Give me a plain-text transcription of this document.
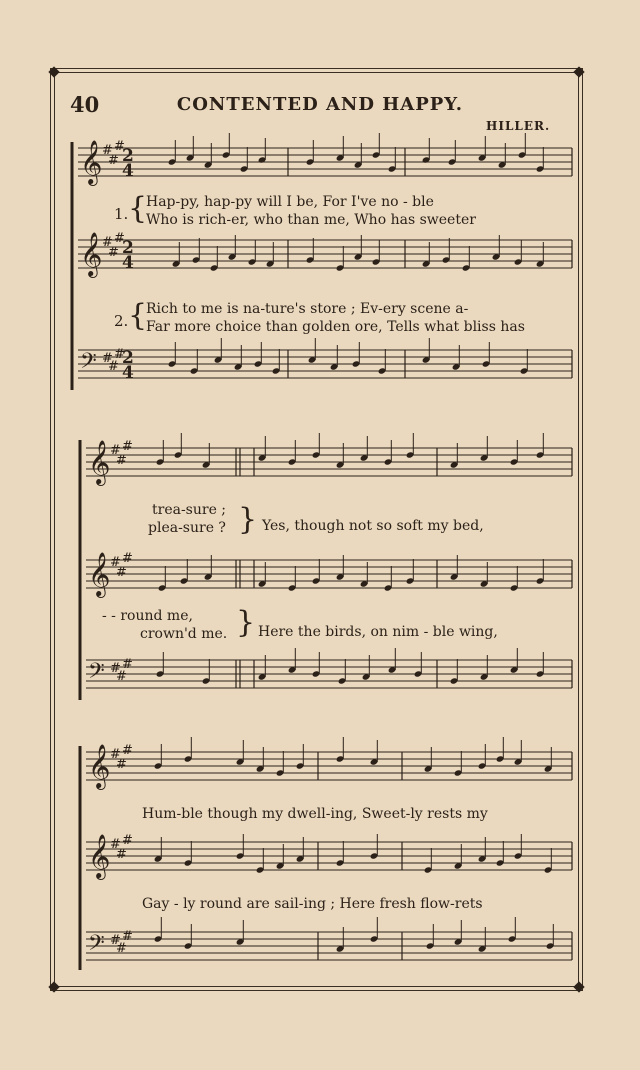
40	CONTENTED AND HAPPY.
HILLER.
𝄞 #
#
#
2
4
𝄞 #
#
#
2
4
𝄢 #
#
#
2
4
𝄞 #
#
#
𝄞 #
#
#
𝄢 #
#
#
𝄞 #
#
#
𝄞 #
#
#
𝄢 #
#
#
1. {
Hap-py, hap-py will I be, For I've no - ble
Who is rich-er, who than me, Who has sweeter
2. {
Rich to me is na-ture's store ; Ev-ery scene a-
Far more choice than golden ore, Tells what bliss has
trea-sure ;
plea-sure ? } Yes, though not so soft my bed,
- - round me,
crown'd me. } Here the birds, on nim - ble wing,
Hum-ble though my dwell-ing, Sweet-ly rests my
Gay - ly round are sail-ing ; Here fresh flow-rets
